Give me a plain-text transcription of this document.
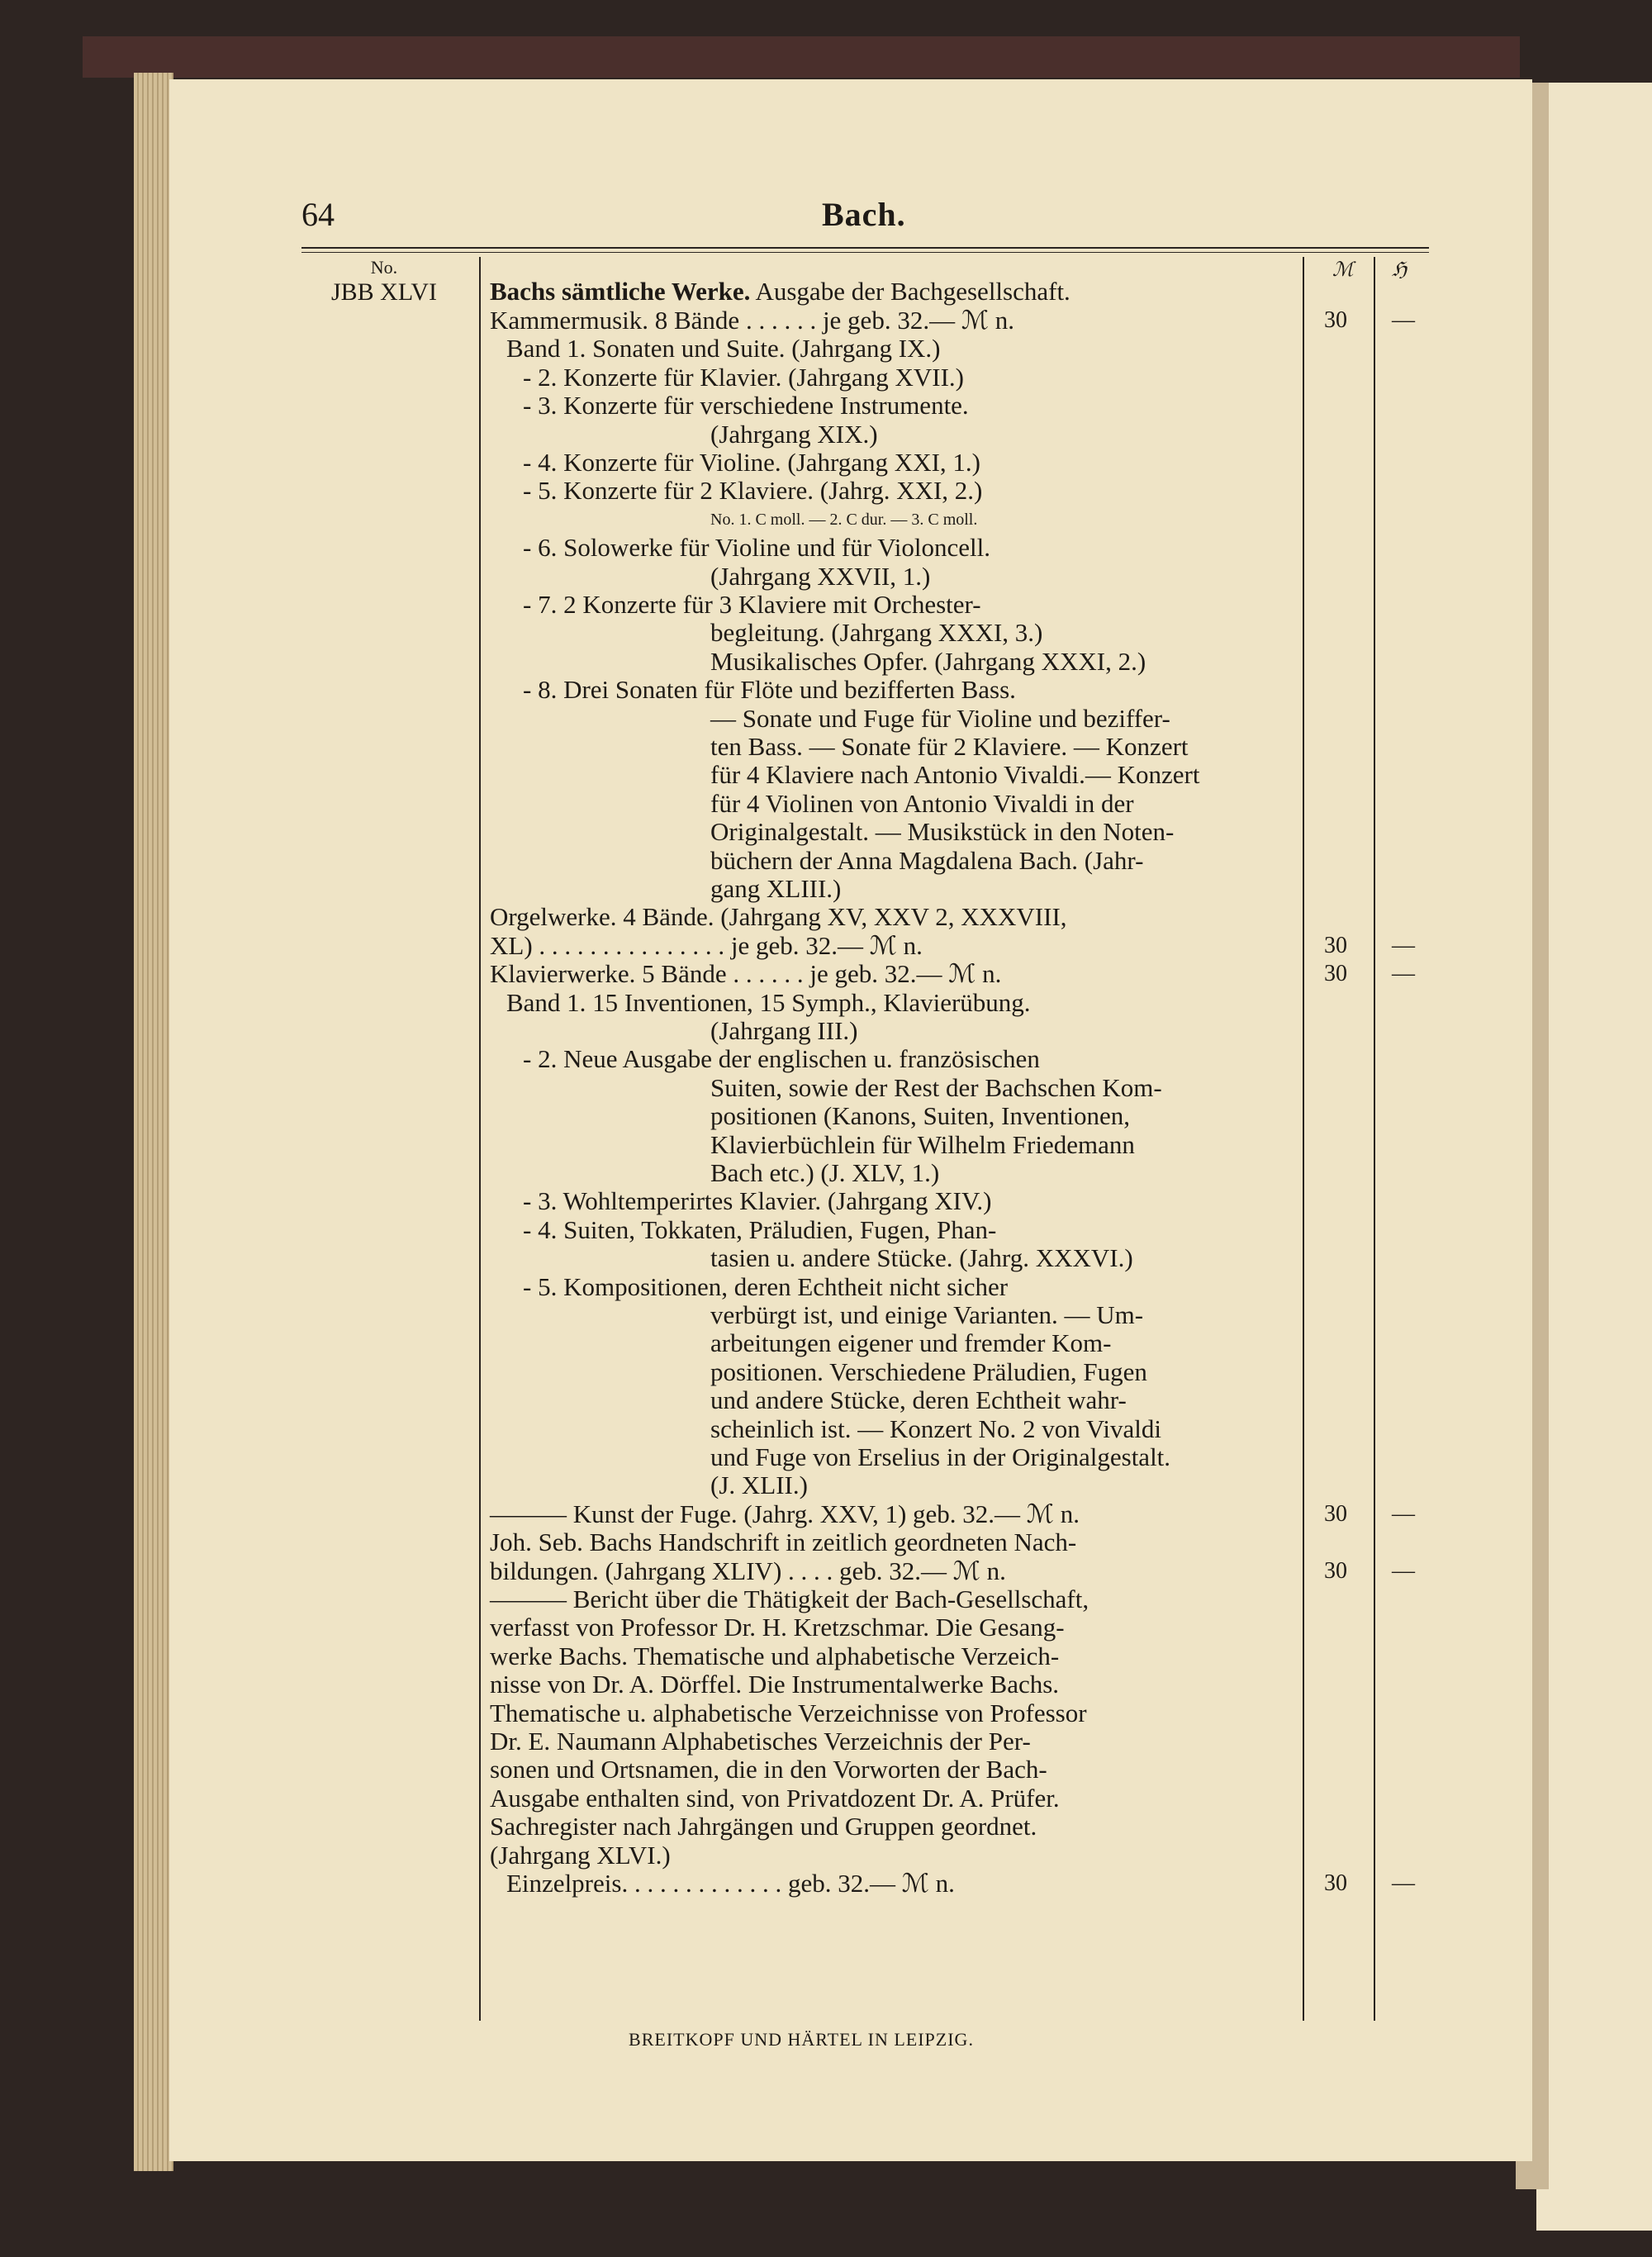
64	Bach.
No.
JBB XLVI
ℳ ℌ
Bachs sämtliche Werke. Ausgabe der Bachgesellschaft.
Kammermusik. 8 Bände . . . . . . je geb. 32.— ℳ n.	30 —
Band 1. Sonaten und Suite. (Jahrgang IX.)
- 2. Konzerte für Klavier. (Jahrgang XVII.)
- 3. Konzerte für verschiedene Instrumente.
(Jahrgang XIX.)
- 4. Konzerte für Violine. (Jahrgang XXI, 1.)
- 5. Konzerte für 2 Klaviere. (Jahrg. XXI, 2.)
No. 1. C moll. — 2. C dur. — 3. C moll.
- 6. Solowerke für Violine und für Violoncell.
(Jahrgang XXVII, 1.)
- 7. 2 Konzerte für 3 Klaviere mit Orchester-
begleitung. (Jahrgang XXXI, 3.)
Musikalisches Opfer. (Jahrgang XXXI, 2.)
- 8. Drei Sonaten für Flöte und bezifferten Bass.
— Sonate und Fuge für Violine und beziffer-
ten Bass. — Sonate für 2 Klaviere. — Konzert
für 4 Klaviere nach Antonio Vivaldi.— Konzert
für 4 Violinen von Antonio Vivaldi in der
Originalgestalt. — Musikstück in den Noten-
büchern der Anna Magdalena Bach. (Jahr-
gang XLIII.)
Orgelwerke. 4 Bände. (Jahrgang XV, XXV 2, XXXVIII,
XL) . . . . . . . . . . . . . . . je geb. 32.— ℳ n.	30 —
Klavierwerke. 5 Bände . . . . . . je geb. 32.— ℳ n.	30 —
Band 1. 15 Inventionen, 15 Symph., Klavierübung.
(Jahrgang III.)
- 2. Neue Ausgabe der englischen u. französischen
Suiten, sowie der Rest der Bachschen Kom-
positionen (Kanons, Suiten, Inventionen,
Klavierbüchlein für Wilhelm Friedemann
Bach etc.) (J. XLV, 1.)
- 3. Wohltemperirtes Klavier. (Jahrgang XIV.)
- 4. Suiten, Tokkaten, Präludien, Fugen, Phan-
tasien u. andere Stücke. (Jahrg. XXXVI.)
- 5. Kompositionen, deren Echtheit nicht sicher
verbürgt ist, und einige Varianten. — Um-
arbeitungen eigener und fremder Kom-
positionen. Verschiedene Präludien, Fugen
und andere Stücke, deren Echtheit wahr-
scheinlich ist. — Konzert No. 2 von Vivaldi
und Fuge von Erselius in der Originalgestalt.
(J. XLII.)
——— Kunst der Fuge. (Jahrg. XXV, 1) geb. 32.— ℳ n.	30 —
Joh. Seb. Bachs Handschrift in zeitlich geordneten Nach-
bildungen. (Jahrgang XLIV) . . . . geb. 32.— ℳ n.	30 —
——— Bericht über die Thätigkeit der Bach-Gesellschaft,
verfasst von Professor Dr. H. Kretzschmar. Die Gesang-
werke Bachs. Thematische und alphabetische Verzeich-
nisse von Dr. A. Dörffel. Die Instrumentalwerke Bachs.
Thematische u. alphabetische Verzeichnisse von Professor
Dr. E. Naumann Alphabetisches Verzeichnis der Per-
sonen und Ortsnamen, die in den Vorworten der Bach-
Ausgabe enthalten sind, von Privatdozent Dr. A. Prüfer.
Sachregister nach Jahrgängen und Gruppen geordnet.
(Jahrgang XLVI.)
Einzelpreis. . . . . . . . . . . . . geb. 32.— ℳ n.	30 —
BREITKOPF UND HÄRTEL IN LEIPZIG.
